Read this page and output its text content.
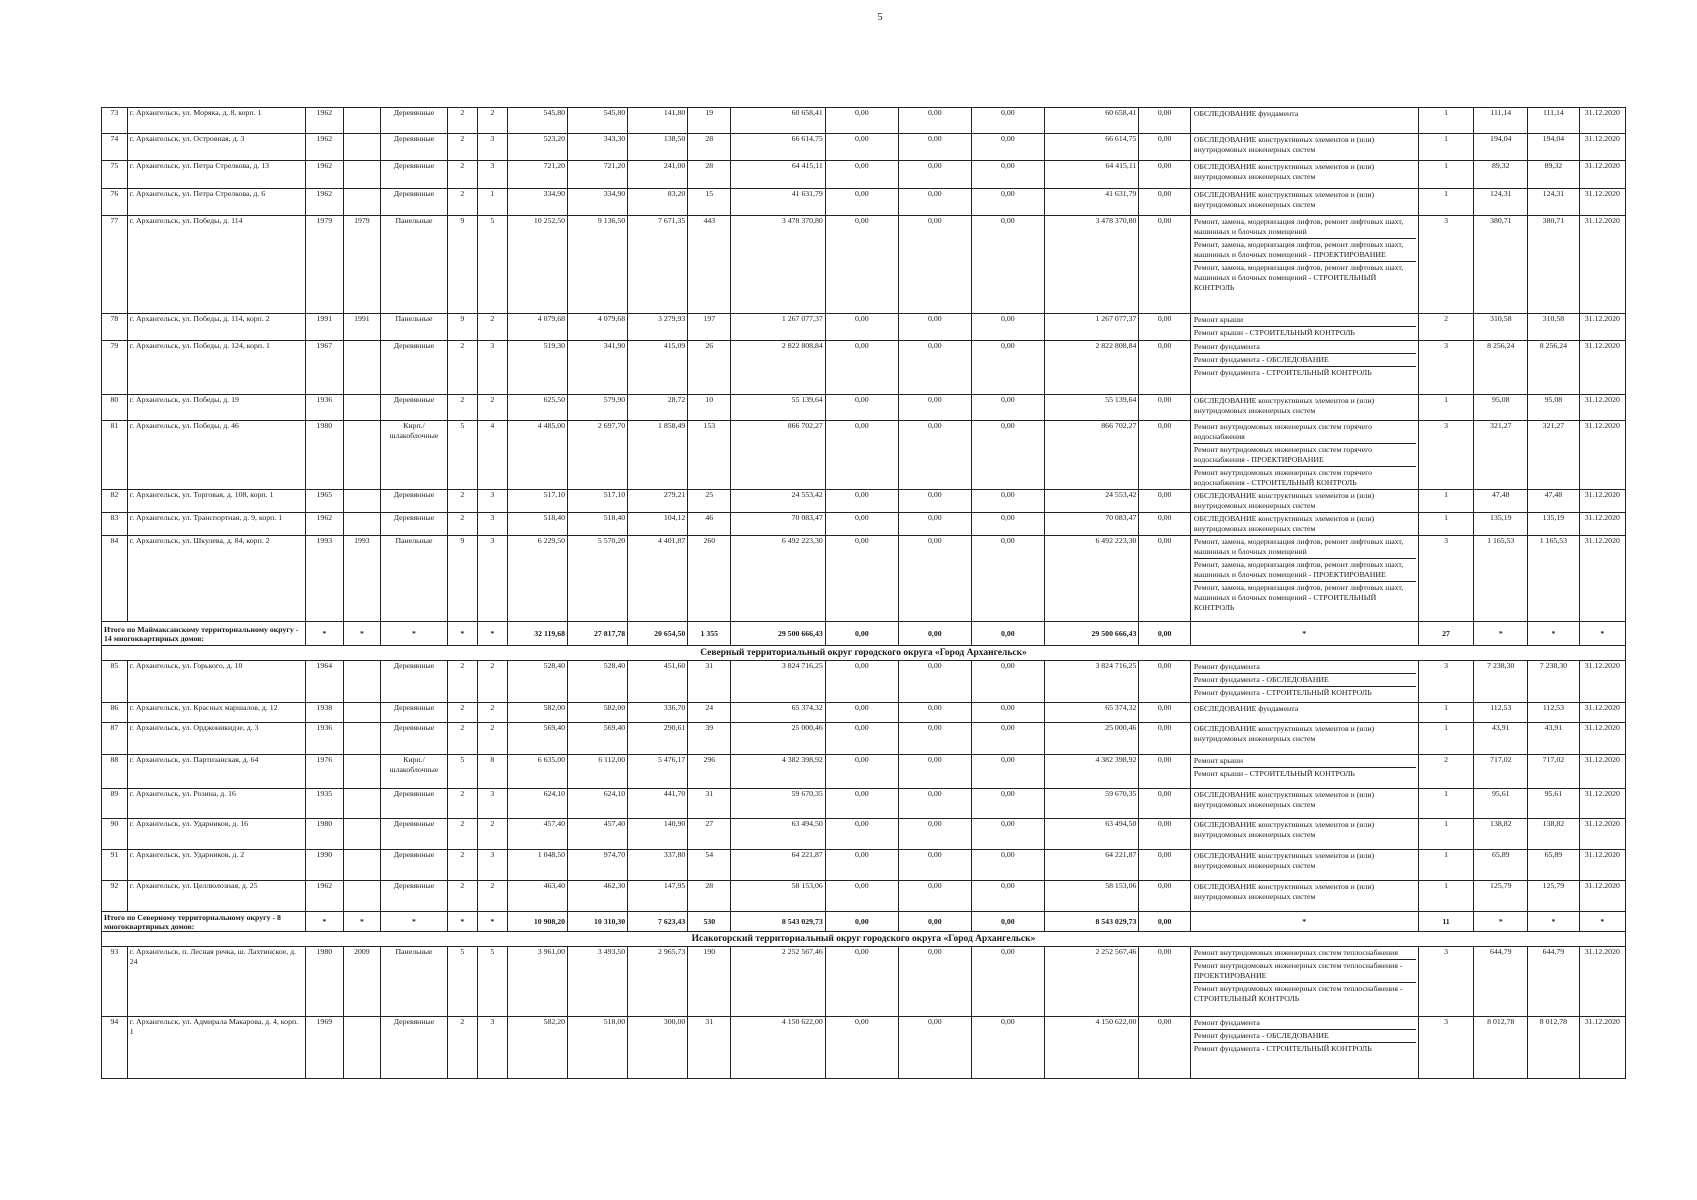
5
73	г. Архангельск, ул. Моряка, д. 8, корп. 1	1962		Деревянные	2	2	545,80	545,80	141,80	19	60 658,41	0,00	0,00	0,00	60 658,41	0,00	ОБСЛЕДОВАНИЕ фундамента	1	111,14	111,14	31.12.2020
74	г. Архангельск, ул. Островная, д. 3	1962		Деревянные	2	3	523,20	343,30	138,50	28	66 614,75	0,00	0,00	0,00	66 614,75	0,00	ОБСЛЕДОВАНИЕ конструктивных элементов и (или) внутридомовых инженерных систем	1	194,04	194,04	31.12.2020
75	г. Архангельск, ул. Петра Стрелкова, д. 13	1962		Деревянные	2	3	721,20	721,20	241,00	28	64 415,11	0,00	0,00	0,00	64 415,11	0,00	ОБСЛЕДОВАНИЕ конструктивных элементов и (или) внутридомовых инженерных систем	1	89,32	89,32	31.12.2020
76	г. Архангельск, ул. Петра Стрелкова, д. 6	1962		Деревянные	2	1	334,90	334,90	83,20	15	41 631,79	0,00	0,00	0,00	41 631,79	0,00	ОБСЛЕДОВАНИЕ конструктивных элементов и (или) внутридомовых инженерных систем	1	124,31	124,31	31.12.2020
77	г. Архангельск, ул. Победы, д. 114	1979	1979	Панельные	9	5	10 252,50	9 136,50	7 671,35	443	3 478 370,80	0,00	0,00	0,00	3 478 370,80	0,00	Ремонт, замена, модернизация лифтов, ремонт лифтовых шахт, машинных и блочных помещений
Ремонт, замена, модернизация лифтов, ремонт лифтовых шахт, машинных и блочных помещений - ПРОЕКТИРОВАНИЕ
Ремонт, замена, модернизация лифтов, ремонт лифтовых шахт, машинных и блочных помещений - СТРОИТЕЛЬНЫЙ КОНТРОЛЬ	3	380,71	380,71	31.12.2020
78	г. Архангельск, ул. Победы, д. 114, корп. 2	1991	1991	Панельные	9	2	4 079,68	4 079,68	3 279,93	197	1 267 077,37	0,00	0,00	0,00	1 267 077,37	0,00	Ремонт крыши
Ремонт крыши - СТРОИТЕЛЬНЫЙ КОНТРОЛЬ	2	310,58	310,58	31.12.2020
79	г. Архангельск, ул. Победы, д. 124, корп. 1	1967		Деревянные	2	3	519,30	341,90	415,09	26	2 822 808,84	0,00	0,00	0,00	2 822 808,84	0,00	Ремонт фундамента
Ремонт фундамента - ОБСЛЕДОВАНИЕ
Ремонт фундамента - СТРОИТЕЛЬНЫЙ КОНТРОЛЬ	3	8 256,24	8 256,24	31.12.2020
80	г. Архангельск, ул. Победы, д. 19	1936		Деревянные	2	2	625,50	579,90	28,72	10	55 139,64	0,00	0,00	0,00	55 139,64	0,00	ОБСЛЕДОВАНИЕ конструктивных элементов и (или) внутридомовых инженерных систем	1	95,08	95,08	31.12.2020
81	г. Архангельск, ул. Победы, д. 46	1980		Кирп./ шлакоблочные	5	4	4 485,00	2 697,70	1 858,49	153	866 702,27	0,00	0,00	0,00	866 702,27	0,00	Ремонт внутридомовых инженерных систем горячего водоснабжения
Ремонт внутридомовых инженерных систем горячего водоснабжения - ПРОЕКТИРОВАНИЕ
Ремонт внутридомовых инженерных систем горячего водоснабжения - СТРОИТЕЛЬНЫЙ КОНТРОЛЬ	3	321,27	321,27	31.12.2020
82	г. Архангельск, ул. Торговая, д. 108, корп. 1	1965		Деревянные	2	3	517,10	517,10	279,21	25	24 553,42	0,00	0,00	0,00	24 553,42	0,00	ОБСЛЕДОВАНИЕ конструктивных элементов и (или) внутридомовых инженерных систем	1	47,48	47,48	31.12.2020
83	г. Архангельск, ул. Транспортная, д. 9, корп. 1	1962		Деревянные	2	3	518,40	518,40	104,12	46	70 083,47	0,00	0,00	0,00	70 083,47	0,00	ОБСЛЕДОВАНИЕ конструктивных элементов и (или) внутридомовых инженерных систем	1	135,19	135,19	31.12.2020
84	г. Архангельск, ул. Шкулева, д. 84, корп. 2	1993	1993	Панельные	9	3	6 229,50	5 570,20	4 401,87	260	6 492 223,30	0,00	0,00	0,00	6 492 223,30	0,00	Ремонт, замена, модернизация лифтов, ремонт лифтовых шахт, машинных и блочных помещений
Ремонт, замена, модернизация лифтов, ремонт лифтовых шахт, машинных и блочных помещений - ПРОЕКТИРОВАНИЕ
Ремонт, замена, модернизация лифтов, ремонт лифтовых шахт, машинных и блочных помещений - СТРОИТЕЛЬНЫЙ КОНТРОЛЬ	3	1 165,53	1 165,53	31.12.2020
Итого по Маймаксанскому территориальному округу - 14 многоквартирных домов:		*	*	*	*	*	32 119,68	27 817,78	20 654,50	1 355	29 500 666,43	0,00	0,00	0,00	29 500 666,43	0,00	*	27	*	*	*
Северный территориальный округ городского округа «Город Архангельск»																					
85	г. Архангельск, ул. Горького, д. 10	1964		Деревянные	2	2	528,40	528,40	451,60	31	3 824 716,25	0,00	0,00	0,00	3 824 716,25	0,00	Ремонт фундамента
Ремонт фундамента - ОБСЛЕДОВАНИЕ
Ремонт фундамента - СТРОИТЕЛЬНЫЙ КОНТРОЛЬ	3	7 238,30	7 238,30	31.12.2020
86	г. Архангельск, ул. Красных маршалов, д. 12	1938		Деревянные	2	2	582,00	582,00	336,70	24	65 374,32	0,00	0,00	0,00	65 374,32	0,00	ОБСЛЕДОВАНИЕ фундамента	1	112,53	112,53	31.12.2020
87	г. Архангельск, ул. Орджоникидзе, д. 3	1936		Деревянные	2	2	569,40	569,40	290,61	39	25 000,46	0,00	0,00	0,00	25 000,46	0,00	ОБСЛЕДОВАНИЕ конструктивных элементов и (или) внутридомовых инженерных систем	1	43,91	43,91	31.12.2020
88	г. Архангельск, ул. Партизанская, д. 64	1976		Кирп./ шлакоблочные	5	8	6 635,00	6 112,00	5 476,17	296	4 382 398,92	0,00	0,00	0,00	4 382 398,92	0,00	Ремонт крыши
Ремонт крыши - СТРОИТЕЛЬНЫЙ КОНТРОЛЬ	2	717,02	717,02	31.12.2020
89	г. Архангельск, ул. Розина, д. 16	1935		Деревянные	2	3	624,10	624,10	441,70	31	59 670,35	0,00	0,00	0,00	59 670,35	0,00	ОБСЛЕДОВАНИЕ конструктивных элементов и (или) внутридомовых инженерных систем	1	95,61	95,61	31.12.2020
90	г. Архангельск, ул. Ударников, д. 16	1980		Деревянные	2	2	457,40	457,40	140,90	27	63 494,50	0,00	0,00	0,00	63 494,50	0,00	ОБСЛЕДОВАНИЕ конструктивных элементов и (или) внутридомовых инженерных систем	1	138,82	138,82	31.12.2020
91	г. Архангельск, ул. Ударников, д. 2	1990		Деревянные	2	3	1 048,50	974,70	337,80	54	64 221,87	0,00	0,00	0,00	64 221,87	0,00	ОБСЛЕДОВАНИЕ конструктивных элементов и (или) внутридомовых инженерных систем	1	65,89	65,89	31.12.2020
92	г. Архангельск, ул. Целлюлозная, д. 25	1962		Деревянные	2	2	463,40	462,30	147,95	28	58 153,06	0,00	0,00	0,00	58 153,06	0,00	ОБСЛЕДОВАНИЕ конструктивных элементов и (или) внутридомовых инженерных систем	1	125,79	125,79	31.12.2020
Итого по Северному территориальному округу - 8 многоквартирных домов:		*	*	*	*	*	10 908,20	10 310,30	7 623,43	530	8 543 029,73	0,00	0,00	0,00	8 543 029,73	0,00	*	11	*	*	*
Исакогорский территориальный округ городского округа «Город Архангельск»																					
93	г. Архангельск, п. Лесная речка, ш. Лахтинское, д. 24	1980	2009	Панельные	5	5	3 961,00	3 493,50	2 965,73	190	2 252 567,46	0,00	0,00	0,00	2 252 567,46	0,00	Ремонт внутридомовых инженерных систем теплоснабжения
Ремонт внутридомовых инженерных систем теплоснабжения - ПРОЕКТИРОВАНИЕ
Ремонт внутридомовых инженерных систем теплоснабжения - СТРОИТЕЛЬНЫЙ КОНТРОЛЬ	3	644,79	644,79	31.12.2020
94	г. Архангельск, ул. Адмирала Макарова, д. 4, корп. 1	1969		Деревянные	2	3	582,20	518,00	300,00	31	4 150 622,00	0,00	0,00	0,00	4 150 622,00	0,00	Ремонт фундамента
Ремонт фундамента - ОБСЛЕДОВАНИЕ
Ремонт фундамента - СТРОИТЕЛЬНЫЙ КОНТРОЛЬ	3	8 012,78	8 012,78	31.12.2020
